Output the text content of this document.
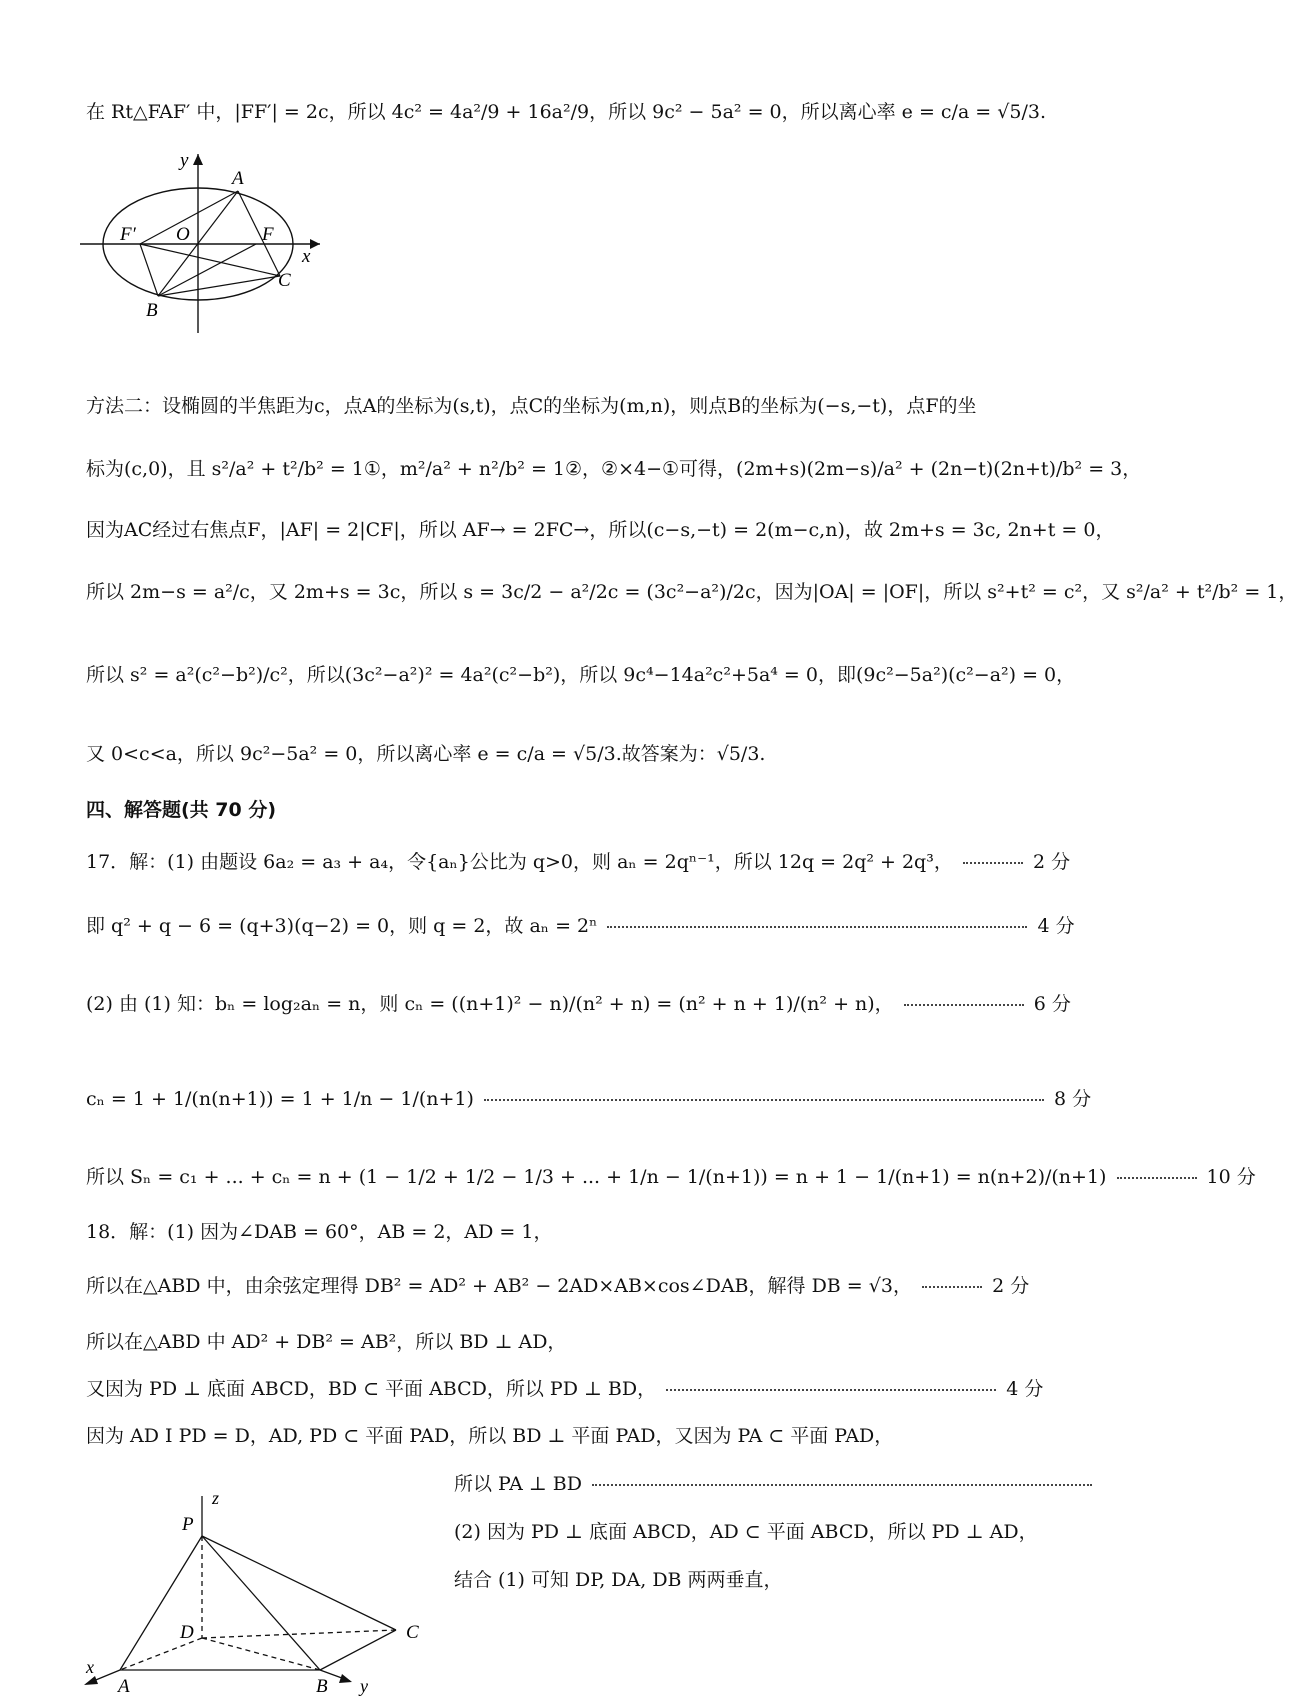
在 Rt△FAF′ 中，|FF′| = 2c，所以 4c² = 4a²/9 + 16a²/9，所以 9c² − 5a² = 0，所以离心率 e = c/a = √5/3.
y
A
F′ O	F
x
C
B
方法二：设椭圆的半焦距为c，点A的坐标为(s,t)，点C的坐标为(m,n)，则点B的坐标为(−s,−t)，点F的坐
标为(c,0)，且 s²/a² + t²/b² = 1①，m²/a² + n²/b² = 1②，②×4−①可得，(2m+s)(2m−s)/a² + (2n−t)(2n+t)/b² = 3，
因为AC经过右焦点F，|AF| = 2|CF|，所以 AF→ = 2FC→，所以(c−s,−t) = 2(m−c,n)，故 2m+s = 3c, 2n+t = 0，
所以 2m−s = a²/c，又 2m+s = 3c，所以 s = 3c/2 − a²/2c = (3c²−a²)/2c，因为|OA| = |OF|，所以 s²+t² = c²，又 s²/a² + t²/b² = 1，
所以 s² = a²(c²−b²)/c²，所以(3c²−a²)² = 4a²(c²−b²)，所以 9c⁴−14a²c²+5a⁴ = 0，即(9c²−5a²)(c²−a²) = 0，
又 0<c<a，所以 9c²−5a² = 0，所以离心率 e = c/a = √5/3.故答案为：√5/3.
四、解答题(共 70 分)
17．解：(1) 由题设 6a₂ = a₃ + a₄，令{aₙ}公比为 q>0，则 aₙ = 2qⁿ⁻¹，所以 12q = 2q² + 2q³，	2 分
即 q² + q − 6 = (q+3)(q−2) = 0，则 q = 2，故 aₙ = 2ⁿ	4 分
(2) 由 (1) 知：bₙ = log₂aₙ = n，则 cₙ = ((n+1)² − n)/(n² + n) = (n² + n + 1)/(n² + n)，	6 分
cₙ = 1 + 1/(n(n+1)) = 1 + 1/n − 1/(n+1)	8 分
所以 Sₙ = c₁ + ... + cₙ = n + (1 − 1/2 + 1/2 − 1/3 + ... + 1/n − 1/(n+1)) = n + 1 − 1/(n+1) = n(n+2)/(n+1)	10 分
18．解：(1) 因为∠DAB = 60°，AB = 2，AD = 1，
所以在△ABD 中，由余弦定理得 DB² = AD² + AB² − 2AD×AB×cos∠DAB，解得 DB = √3，	2 分
所以在△ABD 中 AD² + DB² = AB²，所以 BD ⊥ AD，
又因为 PD ⊥ 底面 ABCD，BD ⊂ 平面 ABCD，所以 PD ⊥ BD，	4 分
因为 AD I PD = D，AD, PD ⊂ 平面 PAD，所以 BD ⊥ 平面 PAD，又因为 PA ⊂ 平面 PAD，
所以 PA ⊥ BD
(2) 因为 PD ⊥ 底面 ABCD，AD ⊂ 平面 ABCD，所以 PD ⊥ AD，
结合 (1) 可知 DP, DA, DB 两两垂直，
z
P
D	C
x
A	B y
